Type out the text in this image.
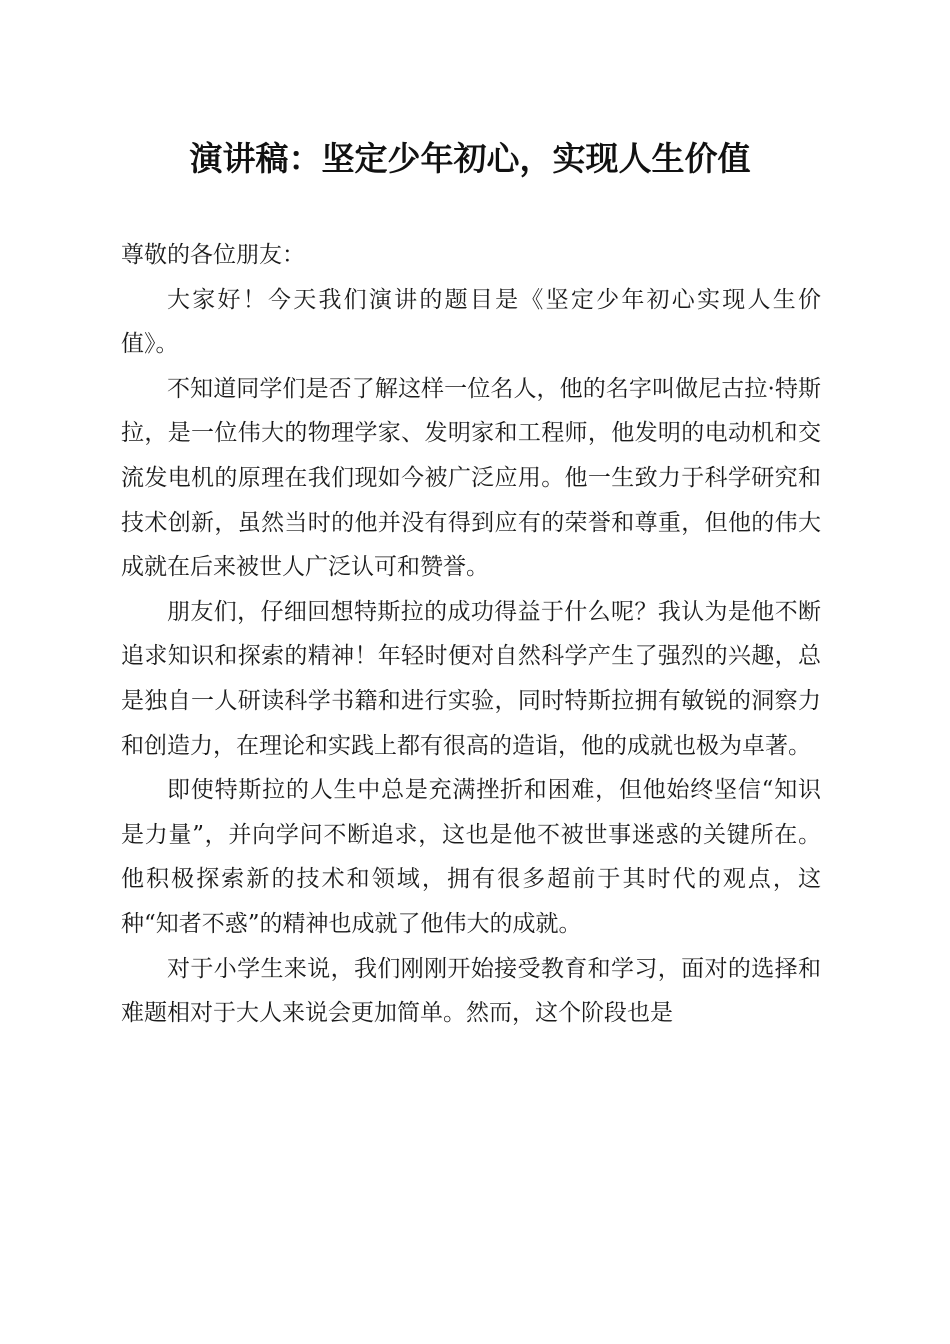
演讲稿：坚定少年初心，实现人生价值

尊敬的各位朋友：

大家好！今天我们演讲的题目是《坚定少年初心实现人生价值》。

不知道同学们是否了解这样一位名人，他的名字叫做尼古拉·特斯拉，是一位伟大的物理学家、发明家和工程师，他发明的电动机和交流发电机的原理在我们现如今被广泛应用。他一生致力于科学研究和技术创新，虽然当时的他并没有得到应有的荣誉和尊重，但他的伟大成就在后来被世人广泛认可和赞誉。

朋友们，仔细回想特斯拉的成功得益于什么呢？我认为是他不断追求知识和探索的精神！年轻时便对自然科学产生了强烈的兴趣，总是独自一人研读科学书籍和进行实验，同时特斯拉拥有敏锐的洞察力和创造力，在理论和实践上都有很高的造诣，他的成就也极为卓著。

即使特斯拉的人生中总是充满挫折和困难，但他始终坚信“知识是力量”，并向学问不断追求，这也是他不被世事迷惑的关键所在。他积极探索新的技术和领域，拥有很多超前于其时代的观点，这种“知者不惑”的精神也成就了他伟大的成就。

对于小学生来说，我们刚刚开始接受教育和学习，面对的选择和难题相对于大人来说会更加简单。然而，这个阶段也是
